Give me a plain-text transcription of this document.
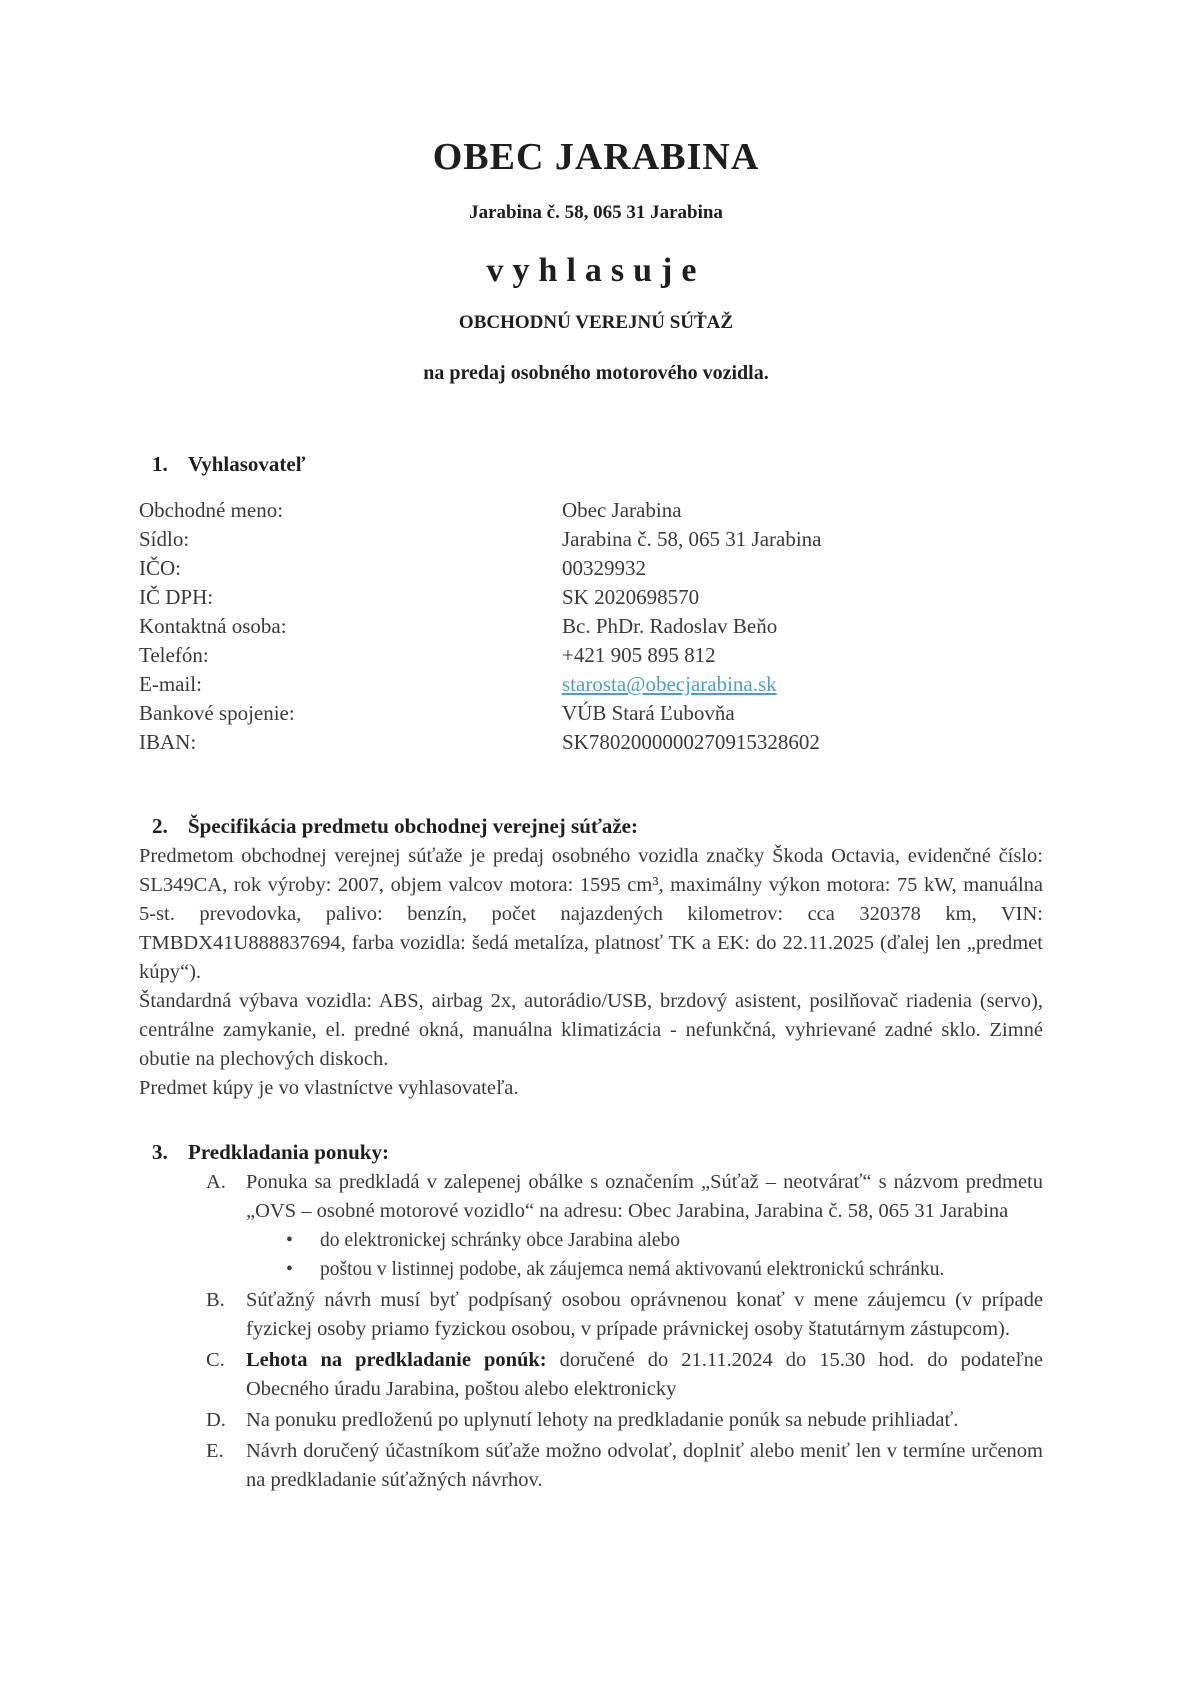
OBEC JARABINA
Jarabina č. 58, 065 31 Jarabina
vyhlasuje
OBCHODNÚ VEREJNÚ SÚŤAŽ
na predaj osobného motorového vozidla.
1. Vyhlasovateľ
Obchodné meno:	Obec Jarabina
Sídlo:	Jarabina č. 58, 065 31 Jarabina
IČO:	00329932
IČ DPH:	SK 2020698570
Kontaktná osoba:	Bc. PhDr. Radoslav Beňo
Telefón:	+421 905 895 812
E-mail:	starosta@obecjarabina.sk
Bankové spojenie:	VÚB Stará Ľubovňa
IBAN:	SK7802000000270915328602
2. Špecifikácia predmetu obchodnej verejnej súťaže:

Predmetom obchodnej verejnej súťaže je predaj osobného vozidla značky Škoda Octavia, evidenčné číslo: SL349CA, rok výroby: 2007, objem valcov motora: 1595 cm³, maximálny výkon motora: 75 kW, manuálna 5-st. prevodovka, palivo: benzín, počet najazdených kilometrov: cca 320378 km, VIN: TMBDX41U888837694, farba vozidla: šedá metalíza, platnosť TK a EK: do 22.11.2025 (ďalej len „predmet kúpy“).

Štandardná výbava vozidla: ABS, airbag 2x, autorádio/USB, brzdový asistent, posilňovač riadenia (servo), centrálne zamykanie, el. predné okná, manuálna klimatizácia - nefunkčná, vyhrievané zadné sklo. Zimné obutie na plechových diskoch.

Predmet kúpy je vo vlastníctve vyhlasovateľa.

3. Predkladania ponuky:
A. Ponuka sa predkladá v zalepenej obálke s označením „Súťaž – neotvárať“ s názvom predmetu „OVS – osobné motorové vozidlo“ na adresu: Obec Jarabina, Jarabina č. 58, 065 31 Jarabina

• do elektronickej schránky obce Jarabina alebo
• poštou v listinnej podobe, ak záujemca nemá aktivovanú elektronickú schránku.
B. Súťažný návrh musí byť podpísaný osobou oprávnenou konať v mene záujemcu (v prípade fyzickej osoby priamo fyzickou osobou, v prípade právnickej osoby štatutárnym zástupcom).

C. Lehota na predkladanie ponúk: doručené do 21.11.2024 do 15.30 hod. do podateľne Obecného úradu Jarabina, poštou alebo elektronicky

D. Na ponuku predloženú po uplynutí lehoty na predkladanie ponúk sa nebude prihliadať.

E. Návrh doručený účastníkom súťaže možno odvolať, doplniť alebo meniť len v termíne určenom na predkladanie súťažných návrhov.
